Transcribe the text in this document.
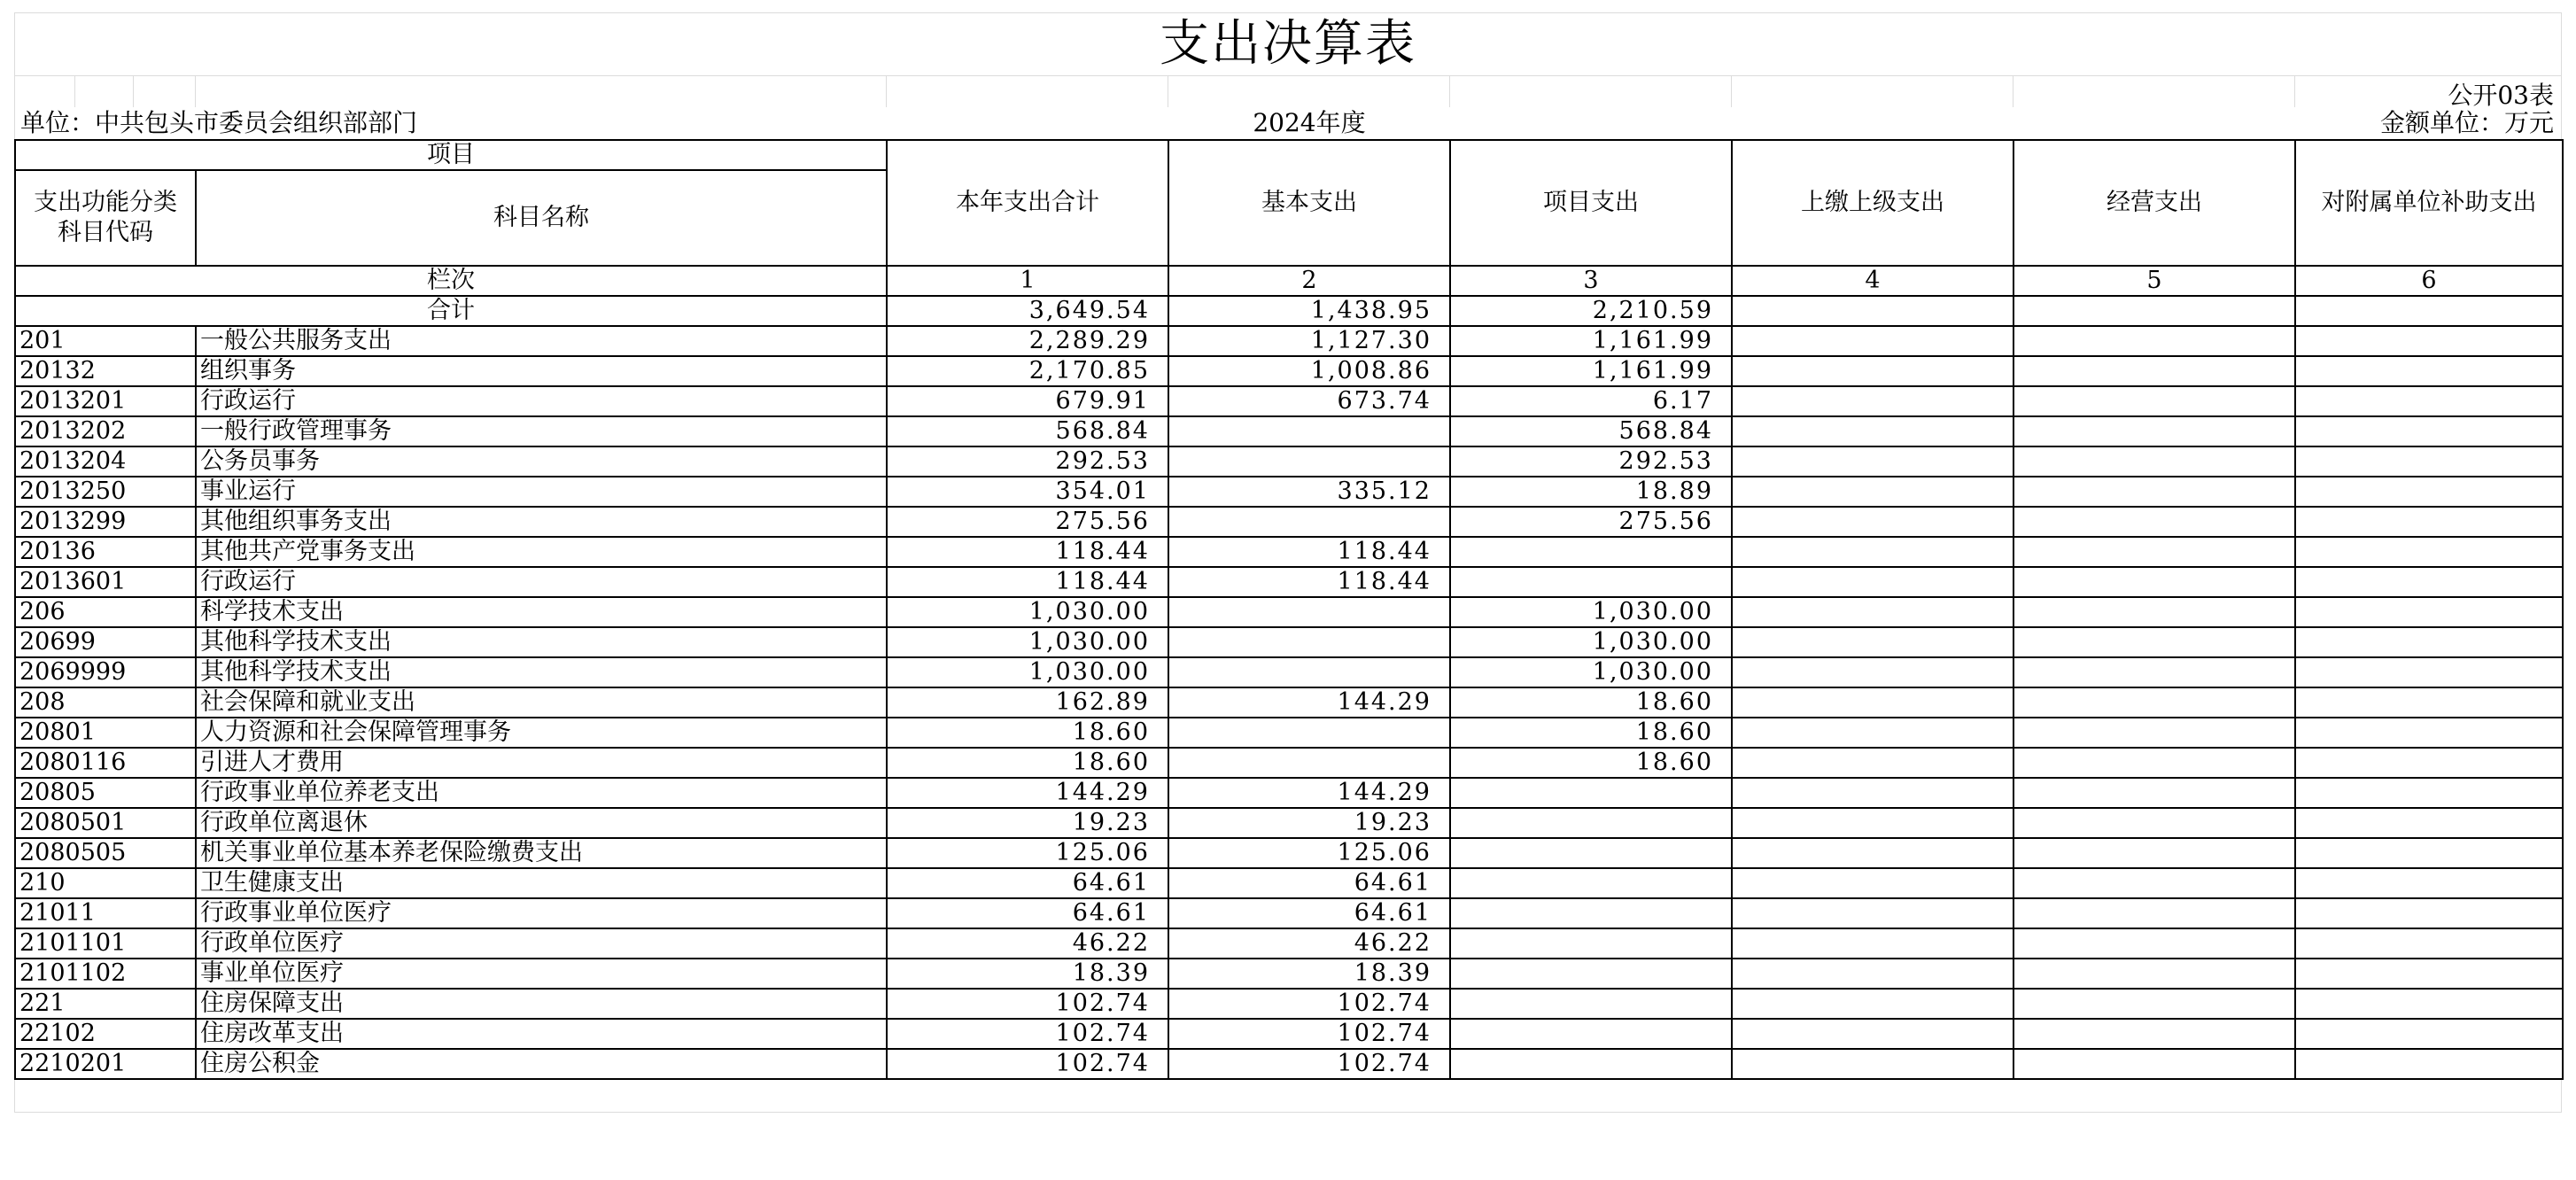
支出决算表
公开03表
单位：中共包头市委员会组织部部门	2024年度	金额单位：万元
项目		本年支出合计	基本支出	项目支出	上缴上级支出	经营支出	对附属单位补助支出

支出功能分类
科目代码	科目名称						
栏次		1	2	3	4	5	6
合计		3,649.54	1,438.95	2,210.59			
201	一般公共服务支出	2,289.29	1,127.30	1,161.99			
20132	组织事务	2,170.85	1,008.86	1,161.99			
2013201	行政运行	679.91	673.74	6.17			
2013202	一般行政管理事务	568.84		568.84			
2013204	公务员事务	292.53		292.53			
2013250	事业运行	354.01	335.12	18.89			
2013299	其他组织事务支出	275.56		275.56			
20136	其他共产党事务支出	118.44	118.44				
2013601	行政运行	118.44	118.44				
206	科学技术支出	1,030.00		1,030.00			
20699	其他科学技术支出	1,030.00		1,030.00			
2069999	其他科学技术支出	1,030.00		1,030.00			
208	社会保障和就业支出	162.89	144.29	18.60			
20801	人力资源和社会保障管理事务	18.60		18.60			
2080116	引进人才费用	18.60		18.60			
20805	行政事业单位养老支出	144.29	144.29				
2080501	行政单位离退休	19.23	19.23				
2080505	机关事业单位基本养老保险缴费支出	125.06	125.06				
210	卫生健康支出	64.61	64.61				
21011	行政事业单位医疗	64.61	64.61				
2101101	行政单位医疗	46.22	46.22				
2101102	事业单位医疗	18.39	18.39				
221	住房保障支出	102.74	102.74				
22102	住房改革支出	102.74	102.74				
2210201	住房公积金	102.74	102.74				
